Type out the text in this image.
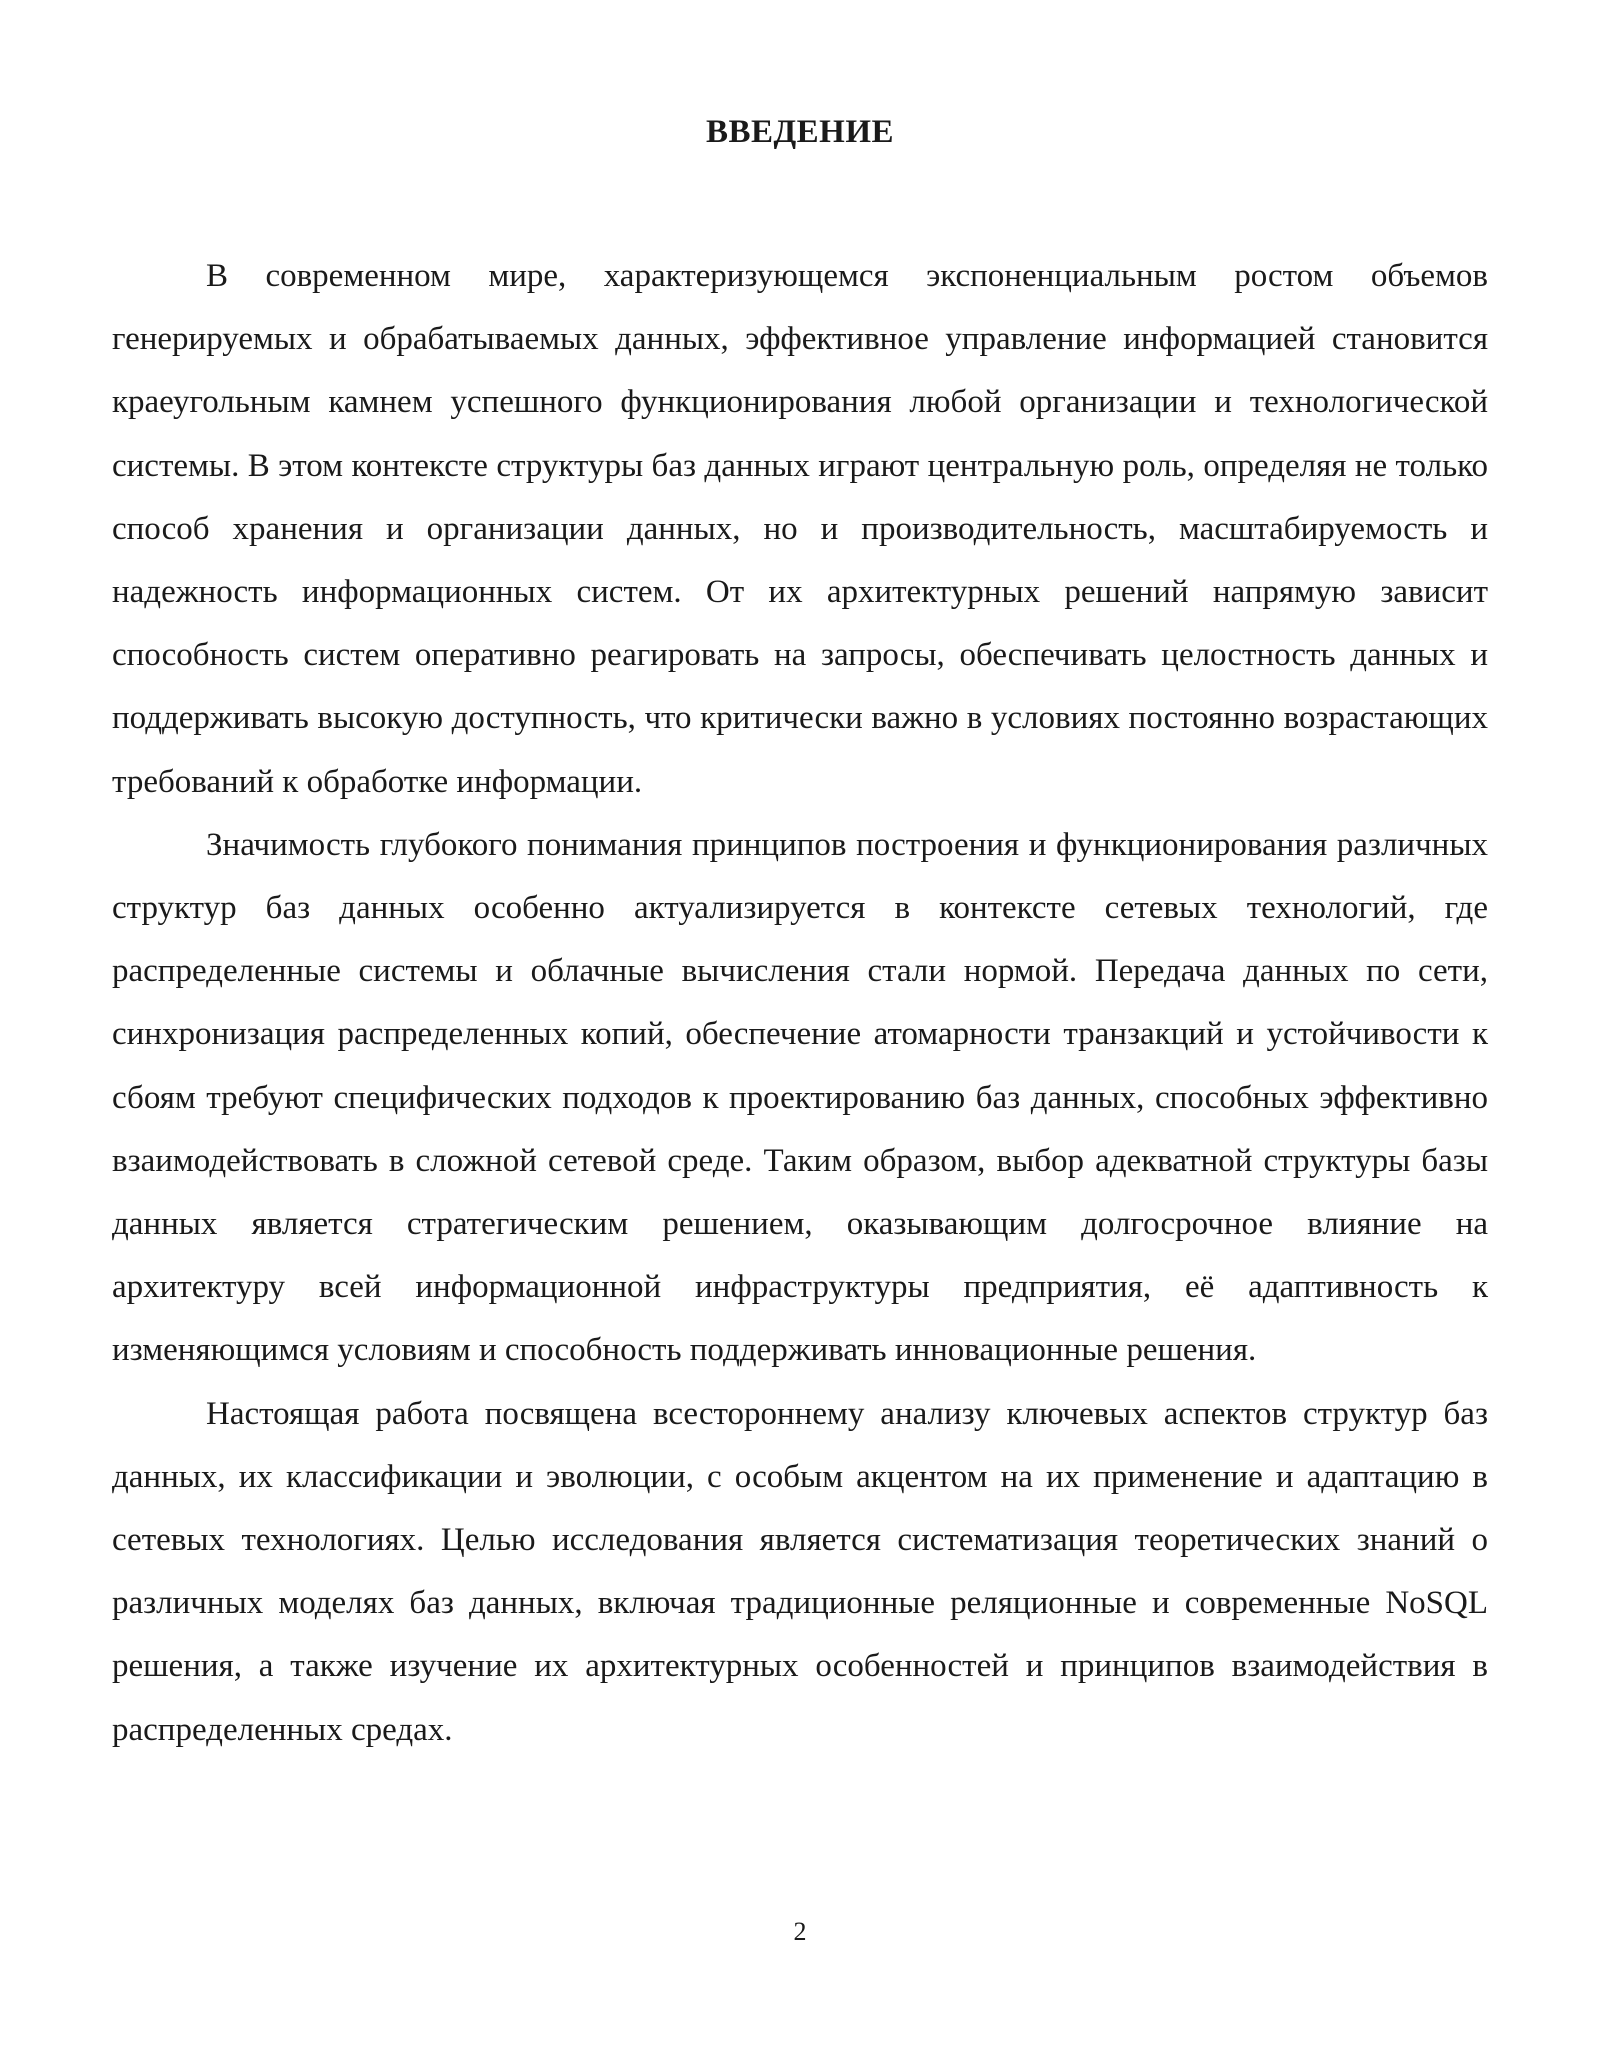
ВВЕДЕНИЕ

В современном мире, характеризующемся экспоненциальным ростом объемов генерируемых и обрабатываемых данных, эффективное управление информацией становится краеугольным камнем успешного функционирования любой организации и технологической системы. В этом контексте структуры баз данных играют центральную роль, определяя не только способ хранения и организации данных, но и производительность, масштабируемость и надежность информационных систем. От их архитектурных решений напрямую зависит способность систем оперативно реагировать на запросы, обеспечивать целостность данных и поддерживать высокую доступность, что критически важно в условиях постоянно возрастающих требований к обработке информации.

Значимость глубокого понимания принципов построения и функционирования различных структур баз данных особенно актуализируется в контексте сетевых технологий, где распределенные системы и облачные вычисления стали нормой. Передача данных по сети, синхронизация распределенных копий, обеспечение атомарности транзакций и устойчивости к сбоям требуют специфических подходов к проектированию баз данных, способных эффективно взаимодействовать в сложной сетевой среде. Таким образом, выбор адекватной структуры базы данных является стратегическим решением, оказывающим долгосрочное влияние на архитектуру всей информационной инфраструктуры предприятия, её адаптивность к изменяющимся условиям и способность поддерживать инновационные решения.

Настоящая работа посвящена всестороннему анализу ключевых аспектов структур баз данных, их классификации и эволюции, с особым акцентом на их применение и адаптацию в сетевых технологиях. Целью исследования является систематизация теоретических знаний о различных моделях баз данных, включая традиционные реляционные и современные NoSQL решения, а также изучение их архитектурных особенностей и принципов взаимодействия в распределенных средах.

2
